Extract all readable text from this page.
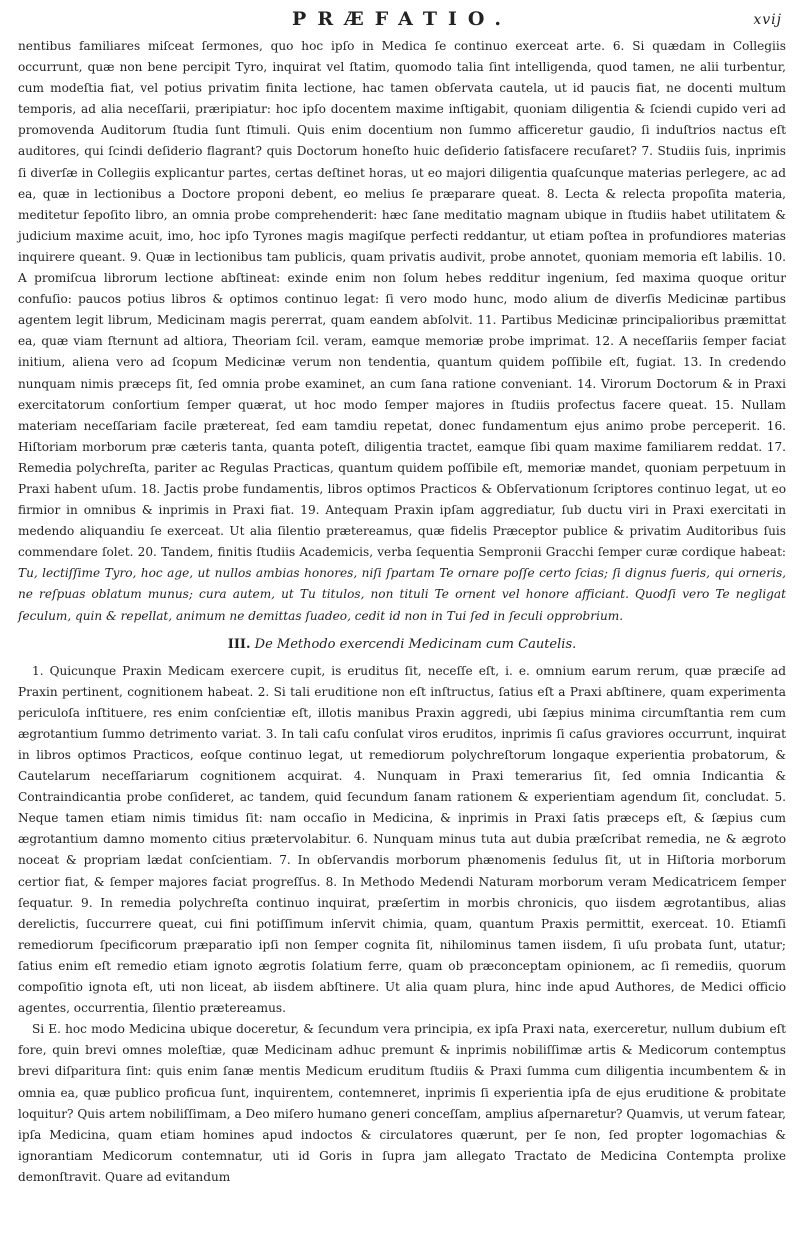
PRÆFATIO.	xvij

nentibus familiares miſceat ſermones, quo hoc ipſo in Medica ſe continuo exerceat arte. 6. Si quædam in Collegiis occurrunt, quæ non bene percipit Tyro, inquirat vel ſtatim, quomodo talia ſint intelligenda, quod tamen, ne alii turbentur, cum modeſtia fiat, vel potius privatim finita lectione, hac tamen obſervata cautela, ut id paucis fiat, ne docenti multum temporis, ad alia neceſſarii, præripiatur: hoc ipſo docentem maxime inſtigabit, quoniam diligentia & ſciendi cupido veri ad promovenda Auditorum ſtudia ſunt ſtimuli. Quis enim docentium non ſummo afficeretur gaudio, ſi induſtrios nactus eſt auditores, qui ſcindi deſiderio flagrant? quis Doctorum honeſto huic deſiderio ſatisfacere recuſaret? 7. Studiis ſuis, inprimis ſi diverſæ in Collegiis explicantur partes, certas deſtinet horas, ut eo majori diligentia quaſcunque materias perlegere, ac ad ea, quæ in lectionibus a Doctore proponi debent, eo melius ſe præparare queat. 8. Lecta & relecta propoſita materia, meditetur ſepoſito libro, an omnia probe comprehenderit: hæc ſane meditatio magnam ubique in ſtudiis habet utilitatem & judicium maxime acuit, imo, hoc ipſo Tyrones magis magiſque perfecti reddantur, ut etiam poſtea in profundiores materias inquirere queant. 9. Quæ in lectionibus tam publicis, quam privatis audivit, probe annotet, quoniam memoria eſt labilis. 10. A promiſcua librorum lectione abſtineat: exinde enim non ſolum hebes redditur ingenium, ſed maxima quoque oritur confuſio: paucos potius libros & optimos continuo legat: ſi vero modo hunc, modo alium de diverſis Medicinæ partibus agentem legit librum, Medicinam magis pererrat, quam eandem abſolvit. 11. Partibus Medicinæ principalioribus præmittat ea, quæ viam ſternunt ad altiora, Theoriam ſcil. veram, eamque memoriæ probe imprimat. 12. A neceſſariis ſemper faciat initium, aliena vero ad ſcopum Medicinæ verum non tendentia, quantum quidem poſſibile eſt, fugiat. 13. In credendo nunquam nimis præceps ſit, ſed omnia probe examinet, an cum ſana ratione conveniant. 14. Virorum Doctorum & in Praxi exercitatorum conſortium ſemper quærat, ut hoc modo ſemper majores in ſtudiis profectus facere queat. 15. Nullam materiam neceſſariam facile prætereat, ſed eam tamdiu repetat, donec fundamentum ejus animo probe perceperit. 16. Hiſtoriam morborum præ cæteris tanta, quanta poteſt, diligentia tractet, eamque ſibi quam maxime familiarem reddat. 17. Remedia polychreſta, pariter ac Regulas Practicas, quantum quidem poſſibile eſt, memoriæ mandet, quoniam perpetuum in Praxi habent uſum. 18. Jactis probe fundamentis, libros optimos Practicos & Obſervationum ſcriptores continuo legat, ut eo firmior in omnibus & inprimis in Praxi fiat. 19. Antequam Praxin ipſam aggrediatur, ſub ductu viri in Praxi exercitati in medendo aliquandiu ſe exerceat. Ut alia ſilentio prætereamus, quæ fidelis Præceptor publice & privatim Auditoribus ſuis commendare ſolet. 20. Tandem, finitis ſtudiis Academicis, verba ſequentia Sempronii Gracchi ſemper curæ cordique habeat: Tu, lectiſſime Tyro, hoc age, ut nullos ambias honores, niſi ſpartam Te ornare poſſe certo ſcias; ſi dignus fueris, qui orneris, ne reſpuas oblatum munus; cura autem, ut Tu titulos, non tituli Te ornent vel honore afficiant. Quodſi vero Te negligat ſeculum, quin & repellat, animum ne demittas ſuadeo, cedit id non in Tui ſed in ſeculi opprobrium.

III. De Methodo exercendi Medicinam cum Cautelis.

1. Quicunque Praxin Medicam exercere cupit, is eruditus ſit, neceſſe eſt, i. e. omnium earum rerum, quæ præciſe ad Praxin pertinent, cognitionem habeat. 2. Si tali eruditione non eſt inſtructus, ſatius eſt a Praxi abſtinere, quam experimenta periculoſa inſtituere, res enim conſcientiæ eſt, illotis manibus Praxin aggredi, ubi ſæpius minima circumſtantia rem cum ægrotantium ſummo detrimento variat. 3. In tali caſu conſulat viros eruditos, inprimis ſi caſus graviores occurrunt, inquirat in libros optimos Practicos, eoſque continuo legat, ut remediorum polychreſtorum longaque experientia probatorum, & Cautelarum neceſſariarum cognitionem acquirat. 4. Nunquam in Praxi temerarius ſit, ſed omnia Indicantia & Contraindicantia probe conſideret, ac tandem, quid ſecundum ſanam rationem & experientiam agendum ſit, concludat. 5. Neque tamen etiam nimis timidus ſit: nam occaſio in Medicina, & inprimis in Praxi ſatis præceps eſt, & ſæpius cum ægrotantium damno momento citius prætervolabitur. 6. Nunquam minus tuta aut dubia præſcribat remedia, ne & ægroto noceat & propriam lædat conſcientiam. 7. In obſervandis morborum phænomenis ſedulus ſit, ut in Hiſtoria morborum certior fiat, & ſemper majores faciat progreſſus. 8. In Methodo Medendi Naturam morborum veram Medicatricem ſemper ſequatur. 9. In remedia polychreſta continuo inquirat, præſertim in morbis chronicis, quo iisdem ægrotantibus, alias derelictis, ſuccurrere queat, cui fini potiſſimum inſervit chimia, quam, quantum Praxis permittit, exerceat. 10. Etiamſi remediorum ſpecificorum præparatio ipſi non ſemper cognita ſit, nihilominus tamen iisdem, ſi uſu probata ſunt, utatur; ſatius enim eſt remedio etiam ignoto ægrotis ſolatium ferre, quam ob præconceptam opinionem, ac ſi remediis, quorum compoſitio ignota eſt, uti non liceat, ab iisdem abſtinere. Ut alia quam plura, hinc inde apud Authores, de Medici officio agentes, occurrentia, ſilentio prætereamus.

Si E. hoc modo Medicina ubique doceretur, & ſecundum vera principia, ex ipſa Praxi nata, exerceretur, nullum dubium eſt fore, quin brevi omnes moleſtiæ, quæ Medicinam adhuc premunt & inprimis nobiliſſimæ artis & Medicorum contemptus brevi diſpariturа ſint: quis enim ſanæ mentis Medicum eruditum ſtudiis & Praxi ſumma cum diligentia incumbentem & in omnia ea, quæ publico proficua ſunt, inquirentem, contemneret, inprimis ſi experientia ipſa de ejus eruditione & probitate loquitur? Quis artem nobiliſſimam, a Deo miſero humano generi conceſſam, amplius aſpernaretur? Quamvis, ut verum fatear, ipſa Medicina, quam etiam homines apud indoctos & circulatores quærunt, per ſe non, ſed propter logomachias & ignorantiam Medicorum contemnatur, uti id Goris in ſupra jam allegato Tractato de Medicina Contempta prolixe demonſtravit. Quare ad evitandum
